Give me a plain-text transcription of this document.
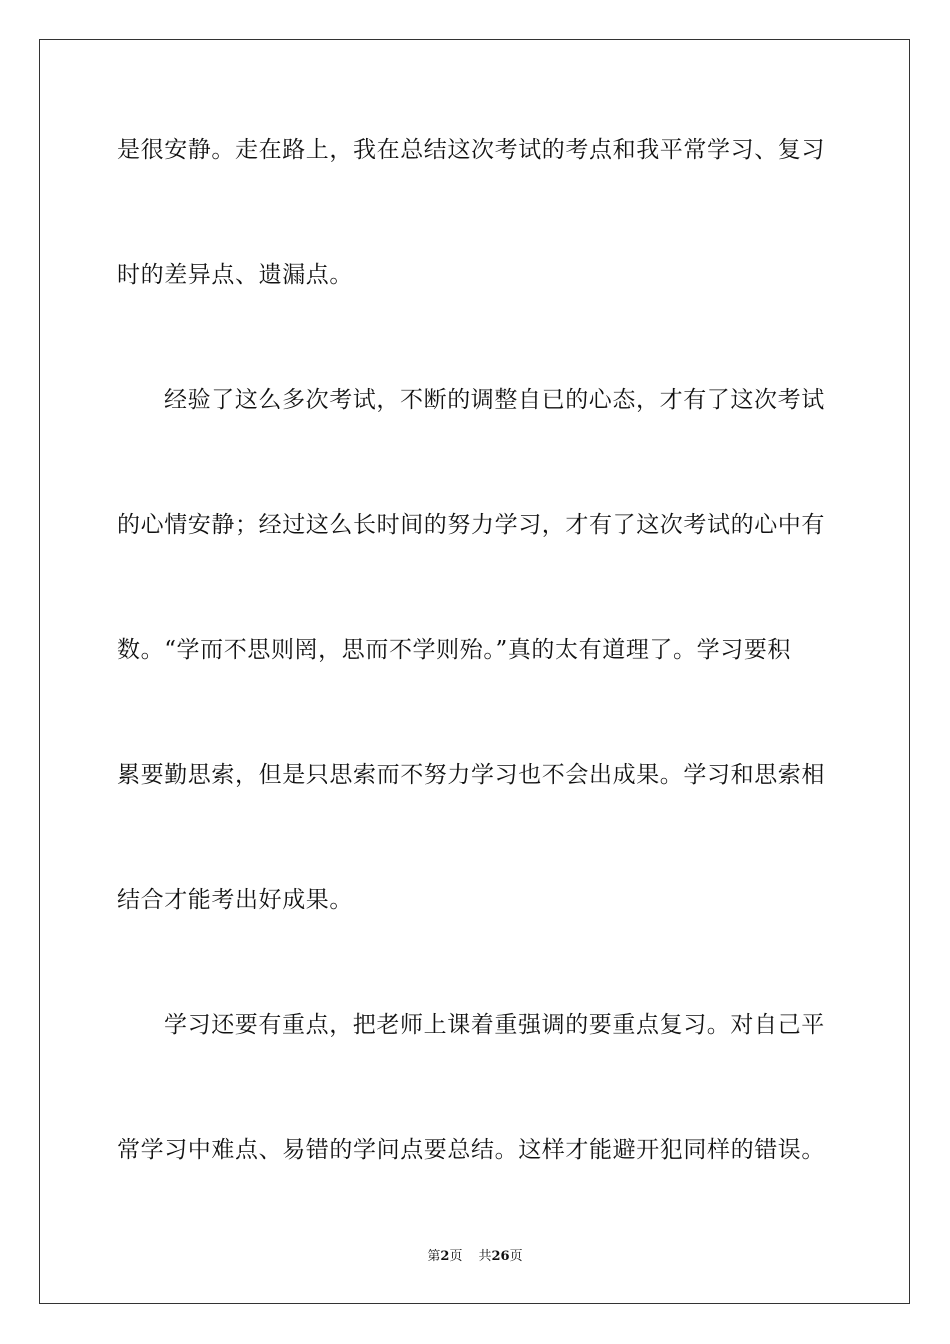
是很安静。走在路上，我在总结这次考试的考点和我平常学习、复习
时的差异点、遗漏点。
经验了这么多次考试，不断的调整自已的心态，才有了这次考试
的心情安静；经过这么长时间的努力学习，才有了这次考试的心中有
数。“学而不思则罔，思而不学则殆。”真的太有道理了。学习要积
累要勤思索，但是只思索而不努力学习也不会出成果。学习和思索相
结合才能考出好成果。
学习还要有重点，把老师上课着重强调的要重点复习。对自己平
常学习中难点、易错的学问点要总结。这样才能避开犯同样的错误。
第2页 共26页
